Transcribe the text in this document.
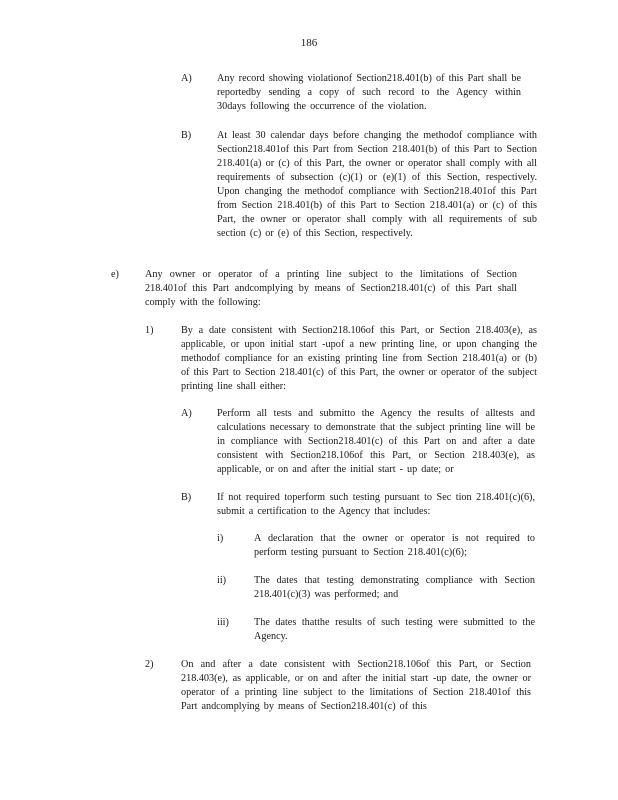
186
A) Any record showing violationof Section218.401(b) of this Part shall be reportedby sending a copy of such record to the Agency within 30days following the occurrence of the violation.
B)	At least 30 calendar days before changing the methodof compliance with Section218.401of this Part from Section 218.401(b) of this Part to Section 218.401(a) or (c) of this Part, the owner or operator shall comply with all requirements of subsection (c)(1) or (e)(1) of this Section, respectively. Upon changing the methodof compliance with Section218.401of this Part from Section 218.401(b) of this Part to Section 218.401(a) or (c) of this Part, the owner or operator shall comply with all requirements of sub section (c) or (e) of this Section, respectively.
e)	Any owner or operator of a printing line subject to the limitations of Section 218.401of this Part andcomplying by means of Section218.401(c) of this Part shall comply with the following:
1)	By a date consistent with Section218.106of this Part, or Section 218.403(e), as applicable, or upon initial start -upof a new printing line, or upon changing the methodof compliance for an existing printing line from Section 218.401(a) or (b) of this Part to Section 218.401(c) of this Part, the owner or operator of the subject printing line shall either:
A) Perform all tests and submitto the Agency the results of alltests and calculations necessary to demonstrate that the subject printing line will be in compliance with Section218.401(c) of this Part on and after a date consistent with Section218.106of this Part, or Section 218.403(e), as applicable, or on and after the initial start - up date; or
B)	If not required toperform such testing pursuant to Sec tion 218.401(c)(6), submit a certification to the Agency that includes:
i)	A declaration that the owner or operator is not required to perform testing pursuant to Section 218.401(c)(6);
ii)	The dates that testing demonstrating compliance with Section 218.401(c)(3) was performed; and
iii) The dates thatthe results of such testing were submitted to the Agency.
2)	On and after a date consistent with Section218.106of this Part, or Section 218.403(e), as applicable, or on and after the initial start -up date, the owner or operator of a printing line subject to the limitations of Section 218.401of this Part andcomplying by means of Section218.401(c) of this
